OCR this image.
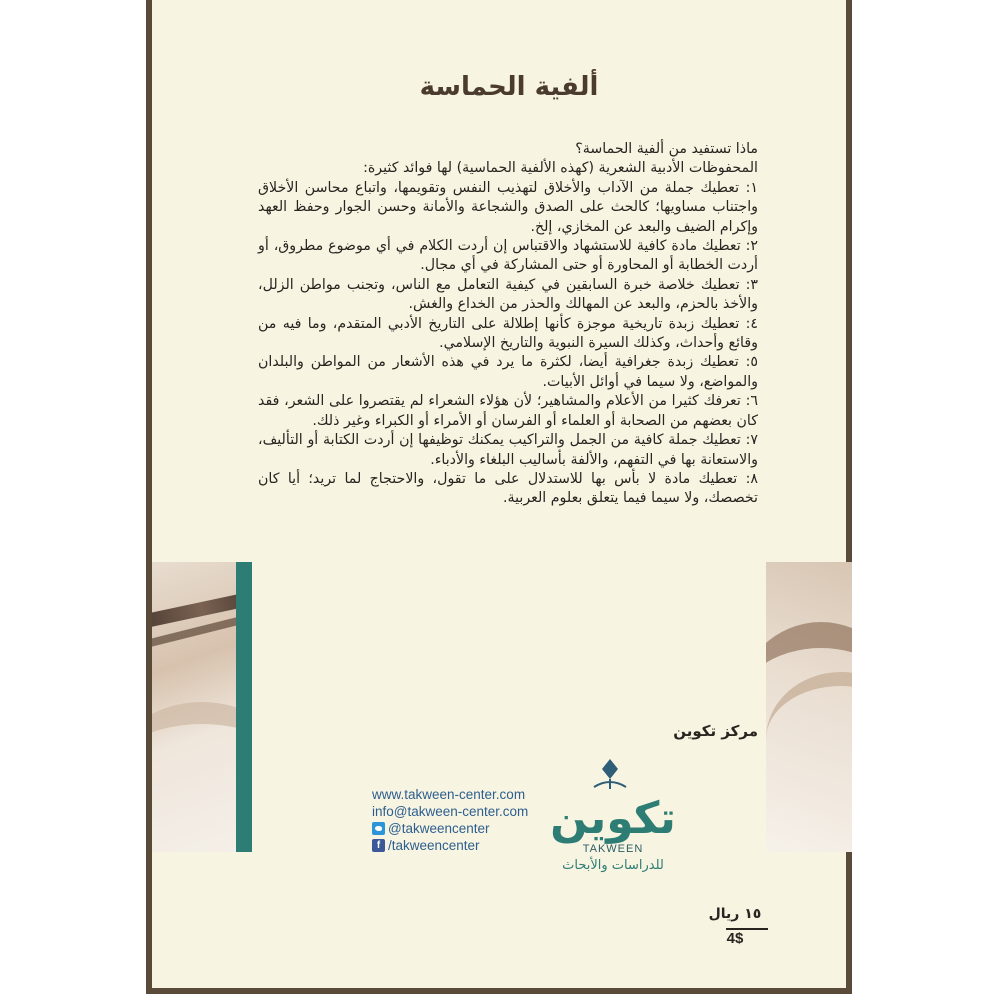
ألفية الحماسة

ماذا تستفيد من ألفية الحماسة؟

المحفوظات الأدبية الشعرية (كهذه الألفية الحماسية) لها فوائد كثيرة:

١: تعطيك جملة من الآداب والأخلاق لتهذيب النفس وتقويمها، واتباع محاسن الأخلاق واجتناب مساويها؛ كالحث على الصدق والشجاعة والأمانة وحسن الجوار وحفظ العهد وإكرام الضيف والبعد عن المخازي، إلخ.

٢: تعطيك مادة كافية للاستشهاد والاقتباس إن أردت الكلام في أي موضوع مطروق، أو أردت الخطابة أو المحاورة أو حتى المشاركة في أي مجال.

٣: تعطيك خلاصة خبرة السابقين في كيفية التعامل مع الناس، وتجنب مواطن الزلل، والأخذ بالحزم، والبعد عن المهالك والحذر من الخداع والغش.

٤: تعطيك زبدة تاريخية موجزة كأنها إطلالة على التاريخ الأدبي المتقدم، وما فيه من وقائع وأحداث، وكذلك السيرة النبوية والتاريخ الإسلامي.

٥: تعطيك زبدة جغرافية أيضا، لكثرة ما يرد في هذه الأشعار من المواطن والبلدان والمواضع، ولا سيما في أوائل الأبيات.

٦: تعرفك كثيرا من الأعلام والمشاهير؛ لأن هؤلاء الشعراء لم يقتصروا على الشعر، فقد كان بعضهم من الصحابة أو العلماء أو الفرسان أو الأمراء أو الكبراء وغير ذلك.

٧: تعطيك جملة كافية من الجمل والتراكيب يمكنك توظيفها إن أردت الكتابة أو التأليف، والاستعانة بها في التفهم، والألفة بأساليب البلغاء والأدباء.

٨: تعطيك مادة لا بأس بها للاستدلال على ما تقول، والاحتجاج لما تريد؛ أيا كان تخصصك، ولا سيما فيما يتعلق بعلوم العربية.

مركز تكوين
www.takween-center.com
info@takween-center.com
@takweencenter
f /takweencenter
تكوين
TAKWEEN
للدراسات والأبحاث
١٥ ريال
4$
